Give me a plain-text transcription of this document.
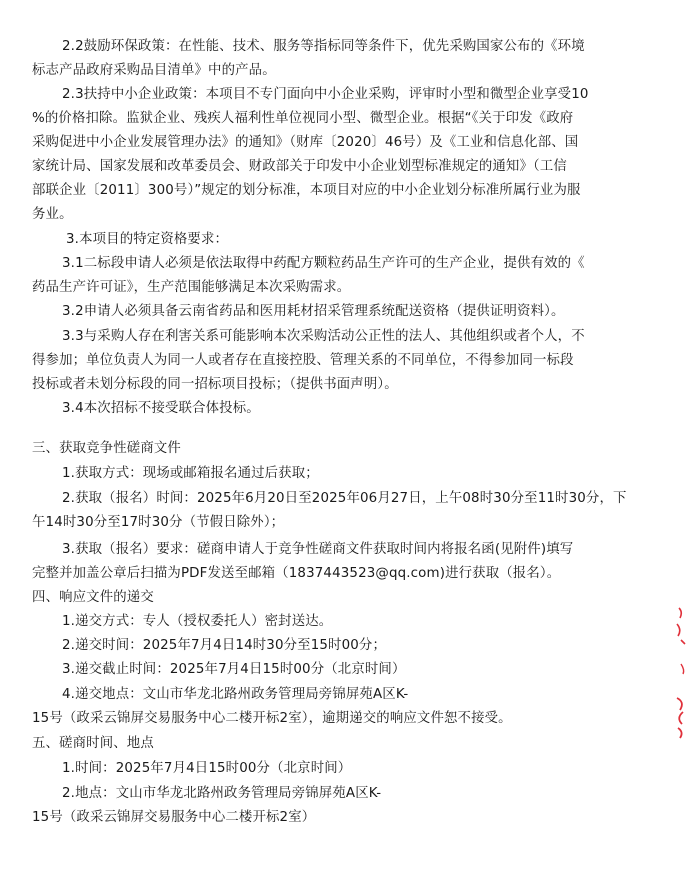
2.2鼓励环保政策：在性能、技术、服务等指标同等条件下，优先采购国家公布的《环境
标志产品政府采购品目清单》中的产品。
2.3扶持中小企业政策：本项目不专门面向中小企业采购，评审时小型和微型企业享受10
%的价格扣除。监狱企业、残疾人福利性单位视同小型、微型企业。根据“《关于印发《政府
采购促进中小企业发展管理办法》的通知》（财库〔2020〕46号）及《工业和信息化部、国
家统计局、国家发展和改革委员会、财政部关于印发中小企业划型标准规定的通知》（工信
部联企业〔2011〕300号）”规定的划分标准，本项目对应的中小企业划分标准所属行业为服
务业。
3.本项目的特定资格要求：
3.1二标段申请人必须是依法取得中药配方颗粒药品生产许可的生产企业，提供有效的《
药品生产许可证》，生产范围能够满足本次采购需求。
3.2申请人必须具备云南省药品和医用耗材招采管理系统配送资格（提供证明资料）。
3.3与采购人存在利害关系可能影响本次采购活动公正性的法人、其他组织或者个人，不
得参加；单位负责人为同一人或者存在直接控股、管理关系的不同单位，不得参加同一标段
投标或者未划分标段的同一招标项目投标；（提供书面声明）。
3.4本次招标不接受联合体投标。
三、获取竞争性磋商文件
1.获取方式：现场或邮箱报名通过后获取；
2.获取（报名）时间：2025年6月20日至2025年06月27日，上午08时30分至11时30分，下
午14时30分至17时30分（节假日除外）；
3.获取（报名）要求：磋商申请人于竞争性磋商文件获取时间内将报名函(见附件)填写
完整并加盖公章后扫描为PDF发送至邮箱（1837443523@qq.com)进行获取（报名）。
四、响应文件的递交
1.递交方式：专人（授权委托人）密封送达。
2.递交时间：2025年7月4日14时30分至15时00分；
3.递交截止时间：2025年7月4日15时00分（北京时间）
4.递交地点：文山市华龙北路州政务管理局旁锦屏苑A区K-
15号（政采云锦屏交易服务中心二楼开标2室），逾期递交的响应文件恕不接受。
五、磋商时间、地点
1.时间：2025年7月4日15时00分（北京时间）
2.地点：文山市华龙北路州政务管理局旁锦屏苑A区K-
15号（政采云锦屏交易服务中心二楼开标2室）
